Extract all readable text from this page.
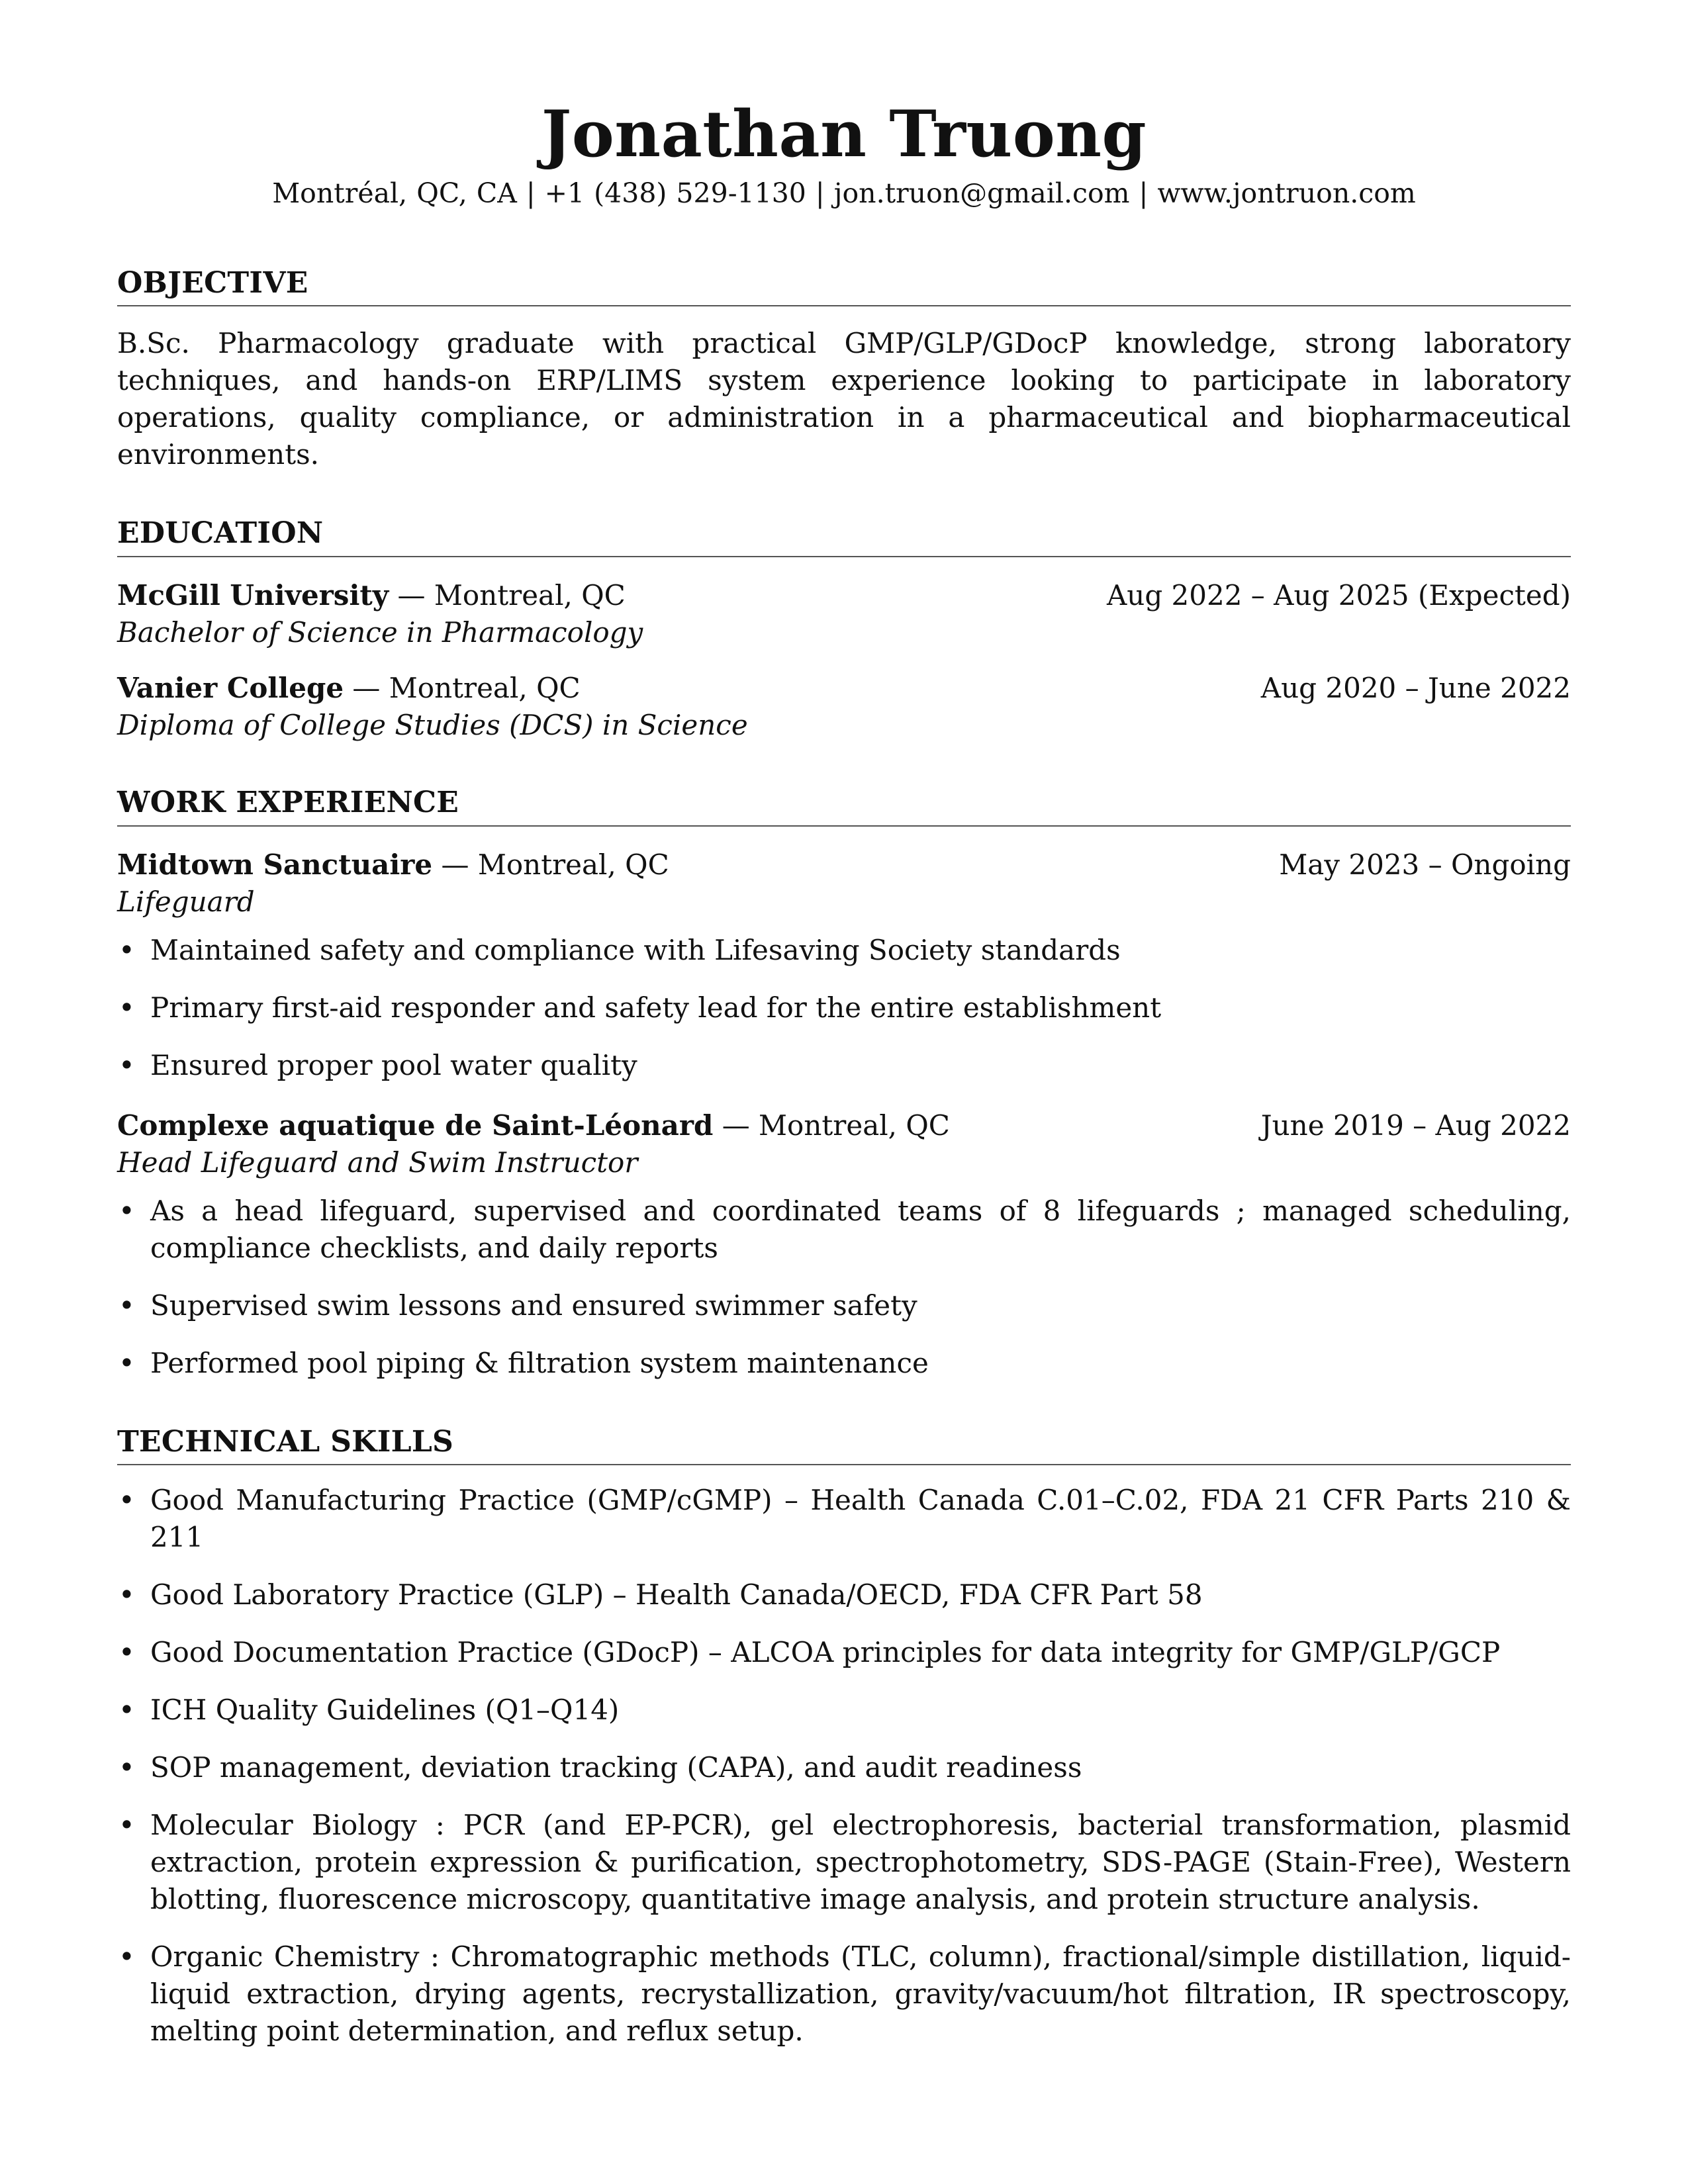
Jonathan Truong
Montréal, QC, CA | +1 (438) 529-1130 | jon.truon@gmail.com | www.jontruon.com
OBJECTIVE
B.Sc. Pharmacology graduate with practical GMP/GLP/GDocP knowledge, strong laboratory techniques, and hands-on ERP/LIMS system experience looking to participate in laboratory operations, quality compliance, or administration in a pharmaceutical and biopharmaceutical environments.
EDUCATION
McGill University — Montreal, QC	Aug 2022 – Aug 2025 (Expected)
Bachelor of Science in Pharmacology
Vanier College — Montreal, QC	Aug 2020 – June 2022
Diploma of College Studies (DCS) in Science
WORK EXPERIENCE
Midtown Sanctuaire — Montreal, QC	May 2023 – Ongoing
Lifeguard
• Maintained safety and compliance with Lifesaving Society standards
• Primary first-aid responder and safety lead for the entire establishment
• Ensured proper pool water quality
Complexe aquatique de Saint-Léonard — Montreal, QC	June 2019 – Aug 2022
Head Lifeguard and Swim Instructor
• As a head lifeguard, supervised and coordinated teams of 8 lifeguards ; managed scheduling, compliance checklists, and daily reports
• Supervised swim lessons and ensured swimmer safety
• Performed pool piping & filtration system maintenance
TECHNICAL SKILLS
• Good Manufacturing Practice (GMP/cGMP) – Health Canada C.01–C.02, FDA 21 CFR Parts 210 & 211
• Good Laboratory Practice (GLP) – Health Canada/OECD, FDA CFR Part 58
• Good Documentation Practice (GDocP) – ALCOA principles for data integrity for GMP/GLP/GCP
• ICH Quality Guidelines (Q1–Q14)
• SOP management, deviation tracking (CAPA), and audit readiness
• Molecular Biology : PCR (and EP-PCR), gel electrophoresis, bacterial transformation, plasmid extraction, protein expression & purification, spectrophotometry, SDS-PAGE (Stain-Free), Western blotting, fluorescence microscopy, quantitative image analysis, and protein structure analysis.
• Organic Chemistry : Chromatographic methods (TLC, column), fractional/simple distillation, liquid-liquid extraction, drying agents, recrystallization, gravity/vacuum/hot filtration, IR spectroscopy, melting point determination, and reflux setup.
